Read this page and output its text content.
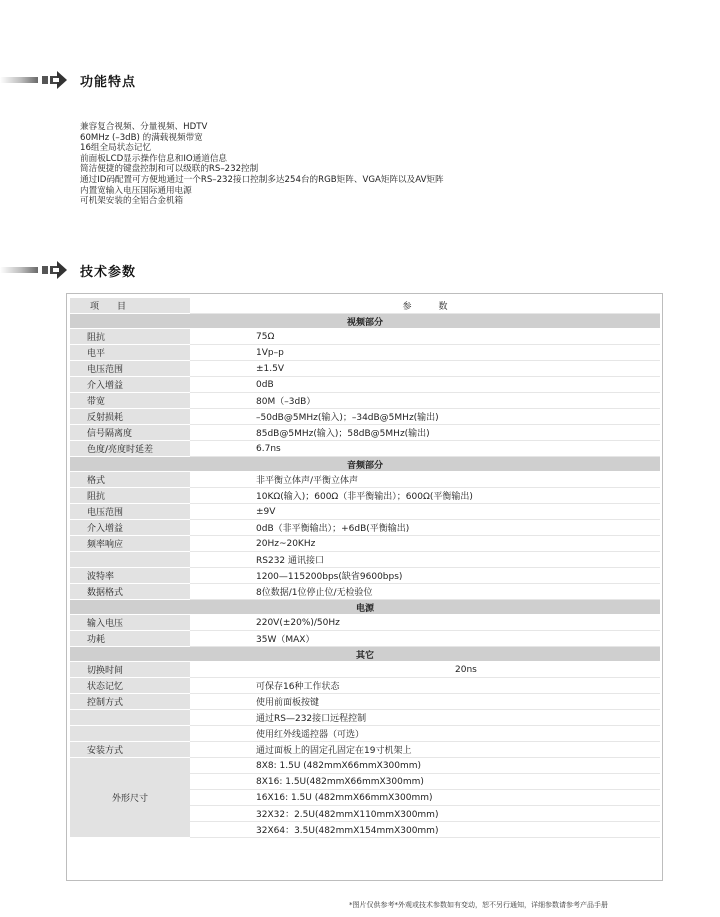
功能特点
兼容复合视频、分量视频、HDTV
60MHz (–3dB) 的满载视频带宽
16组全局状态记忆
前面板LCD显示操作信息和IO通道信息
简洁便捷的键盘控制和可以级联的RS–232控制
通过ID码配置可方便地通过一个RS–232接口控制多达254台的RGB矩阵、VGA矩阵以及AV矩阵
内置宽输入电压国际通用电源
可机架安装的全铝合金机箱
技术参数
项　　目	参　　　数
视频部分	
阻抗	75Ω
电平	1Vp–p
电压范围	±1.5V
介入增益	0dB
带宽	80M（–3dB）
反射损耗	–50dB@5MHz(输入)；–34dB@5MHz(输出)
信号隔离度	85dB@5MHz(输入)；58dB@5MHz(输出)
色度/亮度时延差	6.7ns
音频部分	
格式	非平衡立体声/平衡立体声
阻抗	10KΩ(输入)；600Ω（非平衡输出）；600Ω(平衡输出)
电压范围	±9V
介入增益	0dB（非平衡输出）；+6dB(平衡输出)
频率响应	20Hz~20KHz
	RS232 通讯接口
波特率	1200—115200bps(缺省9600bps)
数据格式	8位数据/1位停止位/无检验位
电源	
输入电压	220V(±20%)/50Hz
功耗	35W（MAX）
其它	
切换时间	20ns
状态记忆	可保存16种工作状态
控制方式	使用前面板按键
	通过RS—232接口远程控制
	使用红外线遥控器（可选）
安装方式	通过面板上的固定孔固定在19寸机架上
外形尺寸	8X8: 1.5U (482mmX66mmX300mm)
	8X16: 1.5U(482mmX66mmX300mm)
	16X16: 1.5U (482mmX66mmX300mm)
	32X32：2.5U(482mmX110mmX300mm)
	32X64：3.5U(482mmX154mmX300mm)
*图片仅供参考*外观或技术参数如有变动，恕不另行通知，详细参数请参考产品手册
